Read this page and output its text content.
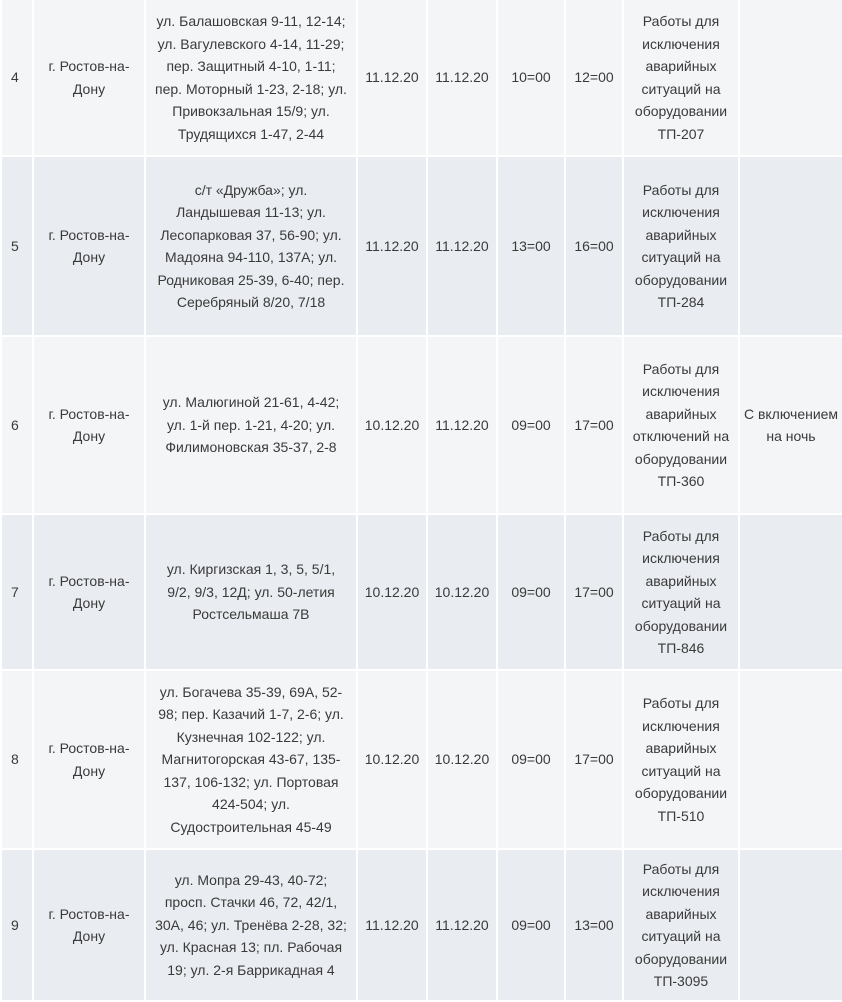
4	г. Ростов-на-Дону	ул. Балашовская 9-11, 12-14; ул. Вагулевского 4-14, 11-29; пер. Защитный 4-10, 1-11; пер. Моторный 1-23, 2-18; ул. Привокзальная 15/9; ул. Трудящихся 1-47, 2-44	11.12.20	11.12.20	10=00	12=00	Работы для исключения аварийных ситуаций на оборудовании ТП-207	
5	г. Ростов-на-Дону	с/т «Дружба»; ул. Ландышевая 11-13; ул. Лесопарковая 37, 56-90; ул. Мадояна 94-110, 137А; ул. Родниковая 25-39, 6-40; пер. Серебряный 8/20, 7/18	11.12.20	11.12.20	13=00	16=00	Работы для исключения аварийных ситуаций на оборудовании ТП-284	
6	г. Ростов-на-Дону	ул. Малюгиной 21-61, 4-42; ул. 1-й пер. 1-21, 4-20; ул. Филимоновская 35-37, 2-8	10.12.20	11.12.20	09=00	17=00	Работы для исключения аварийных отключений на оборудовании ТП-360	С включением на ночь
7	г. Ростов-на-Дону	ул. Киргизская 1, 3, 5, 5/1, 9/2, 9/3, 12Д; ул. 50-летия Ростсельмаша 7В	10.12.20	10.12.20	09=00	17=00	Работы для исключения аварийных ситуаций на оборудовании ТП-846	
8	г. Ростов-на-Дону	ул. Богачева 35-39, 69А, 52-98; пер. Казачий 1-7, 2-6; ул. Кузнечная 102-122; ул. Магнитогорская 43-67, 135-137, 106-132; ул. Портовая 424-504; ул. Судостроительная 45-49	10.12.20	10.12.20	09=00	17=00	Работы для исключения аварийных ситуаций на оборудовании ТП-510	
9	г. Ростов-на-Дону	ул. Мопра 29-43, 40-72; просп. Стачки 46, 72, 42/1, 30А, 46; ул. Тренёва 2-28, 32; ул. Красная 13; пл. Рабочая 19; ул. 2-я Баррикадная 4	11.12.20	11.12.20	09=00	13=00	Работы для исключения аварийных ситуаций на оборудовании ТП-3095	
